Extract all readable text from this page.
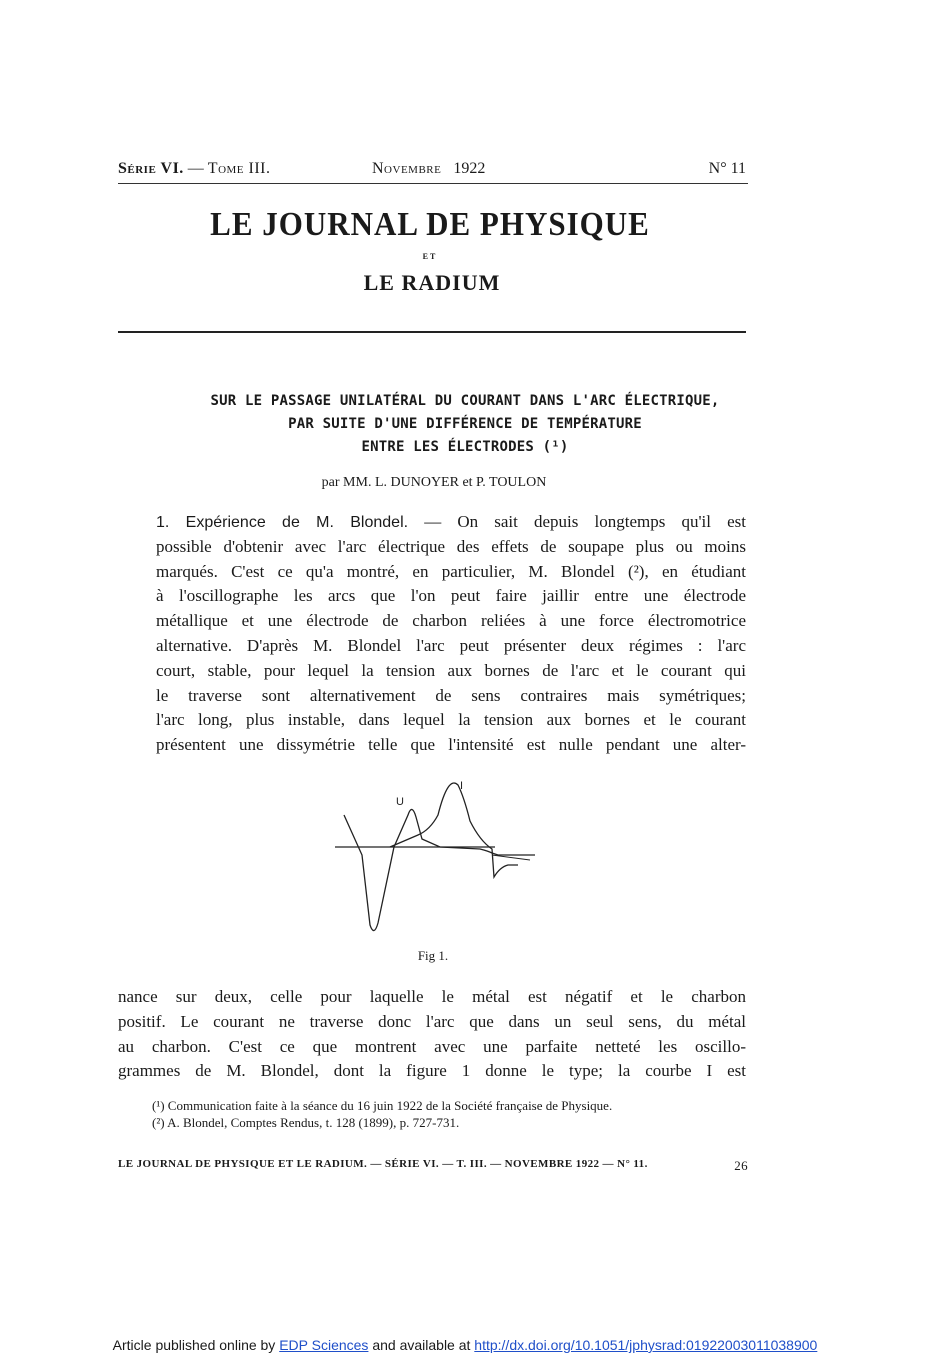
Série VI. — Tome III.	Novembre 1922	N° 11
LE JOURNAL DE PHYSIQUE
ET
LE RADIUM
SUR LE PASSAGE UNILATÉRAL DU COURANT DANS L'ARC ÉLECTRIQUE,
PAR SUITE D'UNE DIFFÉRENCE DE TEMPÉRATURE
ENTRE LES ÉLECTRODES (¹)
par MM. L. DUNOYER et P. TOULON
1. Expérience de M. Blondel. — On sait depuis longtemps qu'il est
possible d'obtenir avec l'arc électrique des effets de soupape plus ou moins
marqués. C'est ce qu'a montré, en particulier, M. Blondel (²), en étudiant
à l'oscillographe les arcs que l'on peut faire jaillir entre une électrode
métallique et une électrode de charbon reliées à une force électromotrice
alternative. D'après M. Blondel l'arc peut présenter deux régimes : l'arc
court, stable, pour lequel la tension aux bornes de l'arc et le courant qui
le traverse sont alternativement de sens contraires mais symétriques;
l'arc long, plus instable, dans lequel la tension aux bornes et le courant
présentent une dissymétrie telle que l'intensité est nulle pendant une alter-
U
I
Fig 1.
nance sur deux, celle pour laquelle le métal est négatif et le charbon
positif. Le courant ne traverse donc l'arc que dans un seul sens, du métal
au charbon. C'est ce que montrent avec une parfaite netteté les oscillo-
grammes de M. Blondel, dont la figure 1 donne le type; la courbe I est
(¹) Communication faite à la séance du 16 juin 1922 de la Société française de Physique.
(²) A. Blondel, Comptes Rendus, t. 128 (1899), p. 727-731.
LE JOURNAL DE PHYSIQUE ET LE RADIUM. — SÉRIE VI. — T. III. — NOVEMBRE 1922 — N° 11.	26
Article published online by EDP Sciences and available at http://dx.doi.org/10.1051/jphysrad:01922003011038900
